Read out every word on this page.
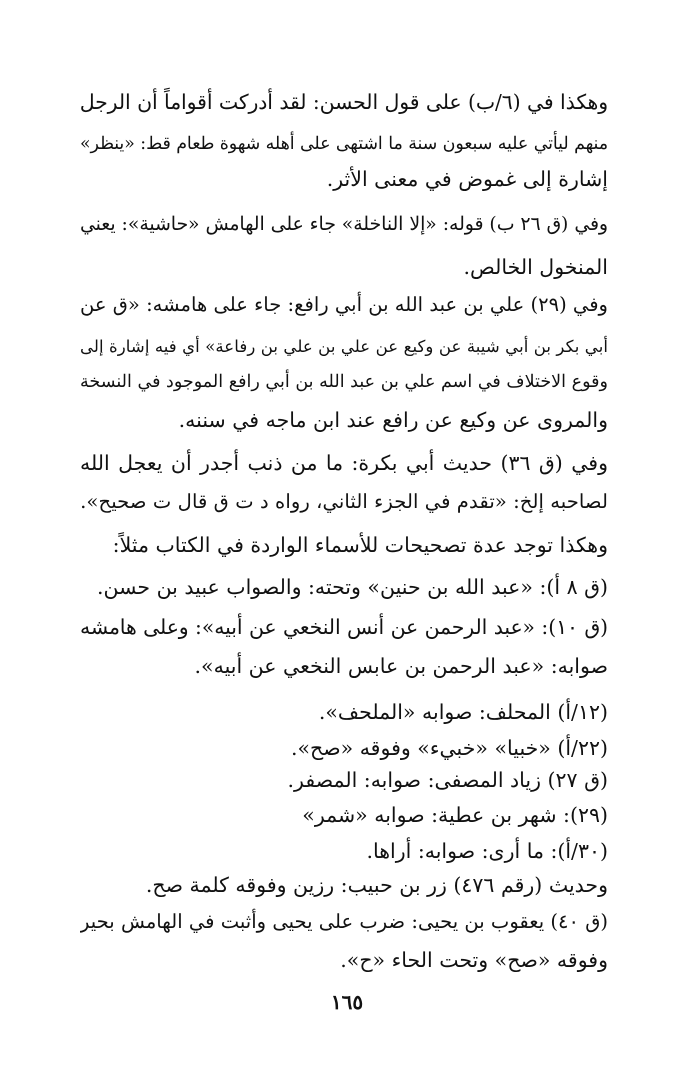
وهكذا في (٦/ب) على قول الحسن: لقد أدركت أقواماً أن الرجل
منهم ليأتي عليه سبعون سنة ما اشتهى على أهله شهوة طعام قط: «ينظر»
إشارة إلى غموض في معنى الأثر.
وفي (ق ٢٦ ب) قوله: «إلا الناخلة» جاء على الهامش «حاشية»: يعني
المنخول الخالص.
وفي (٢٩) علي بن عبد الله بن أبي رافع: جاء على هامشه: «ق عن
أبي بكر بن أبي شيبة عن وكيع عن علي بن علي بن رفاعة» أي فيه إشارة إلى
وقوع الاختلاف في اسم علي بن عبد الله بن أبي رافع الموجود في النسخة
والمروى عن وكيع عن رافع عند ابن ماجه في سننه.
وفي (ق ٣٦) حديث أبي بكرة: ما من ذنب أجدر أن يعجل الله
لصاحبه إلخ: «تقدم في الجزء الثاني، رواه د ت ق قال ت صحيح».
وهكذا توجد عدة تصحيحات للأسماء الواردة في الكتاب مثلاً:
(ق ٨ أ): «عبد الله بن حنين» وتحته: والصواب عبيد بن حسن.
(ق ١٠): «عبد الرحمن عن أنس النخعي عن أبيه»: وعلى هامشه
صوابه: «عبد الرحمن بن عابس النخعي عن أبيه».
(١٢/أ) المحلف: صوابه «الملحف».
(٢٢/أ) «خبيا» «خبيء» وفوقه «صح».
(ق ٢٧) زياد المصفى: صوابه: المصفر.
(٢٩): شهر بن عطية: صوابه «شمر»
(٣٠/أ): ما أرى: صوابه: أراها.
وحديث (رقم ٤٧٦) زر بن حبيب: رزين وفوقه كلمة صح.
(ق ٤٠) يعقوب بن يحيى: ضرب على يحيى وأثبت في الهامش بحير
وفوقه «صح» وتحت الحاء «ح».
١٦٥
